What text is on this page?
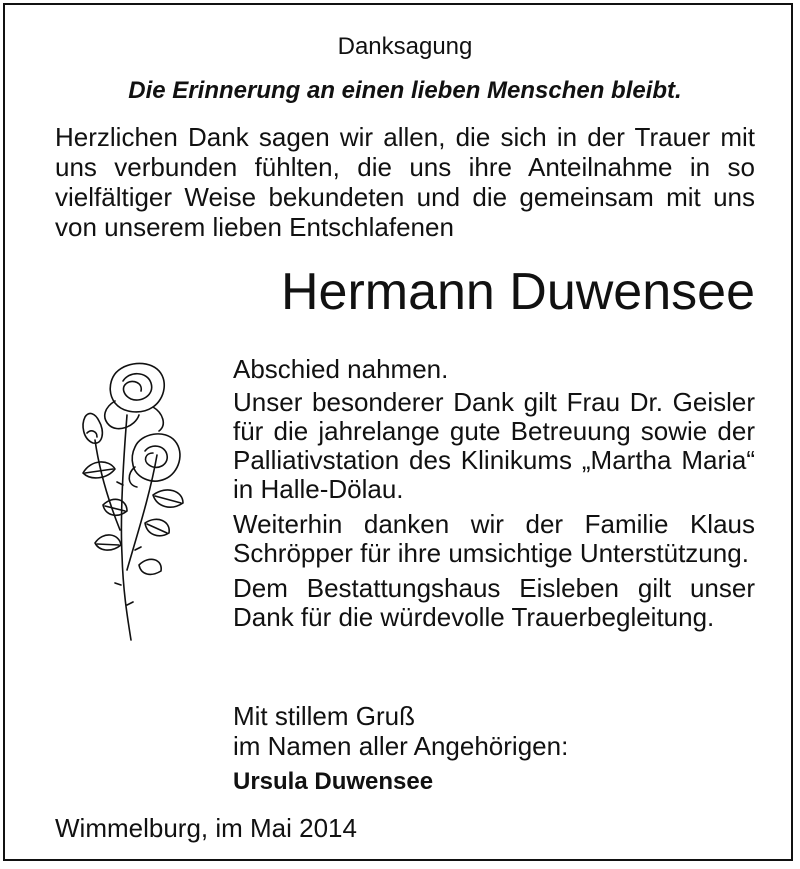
Danksagung
Die Erinnerung an einen lieben Menschen bleibt.
Herzlichen Dank sagen wir allen, die sich in der Trauer mit uns verbunden fühlten, die uns ihre Anteilnahme in so vielfältiger Weise bekundeten und die gemeinsam mit uns von unserem lieben Entschlafenen
Hermann Duwensee

Abschied nahmen.

Unser besonderer Dank gilt Frau Dr. Geisler für die jahrelange gute Betreuung sowie der Palliativstation des Klinikums „Martha Maria“ in Halle-Dölau.

Weiterhin danken wir der Familie Klaus Schröpper für ihre umsichtige Unterstützung.

Dem Bestattungshaus Eisleben gilt unser Dank für die würdevolle Trauerbegleitung.

Mit stillem Gruß
im Namen aller Angehörigen:
Ursula Duwensee
Wimmelburg, im Mai 2014
